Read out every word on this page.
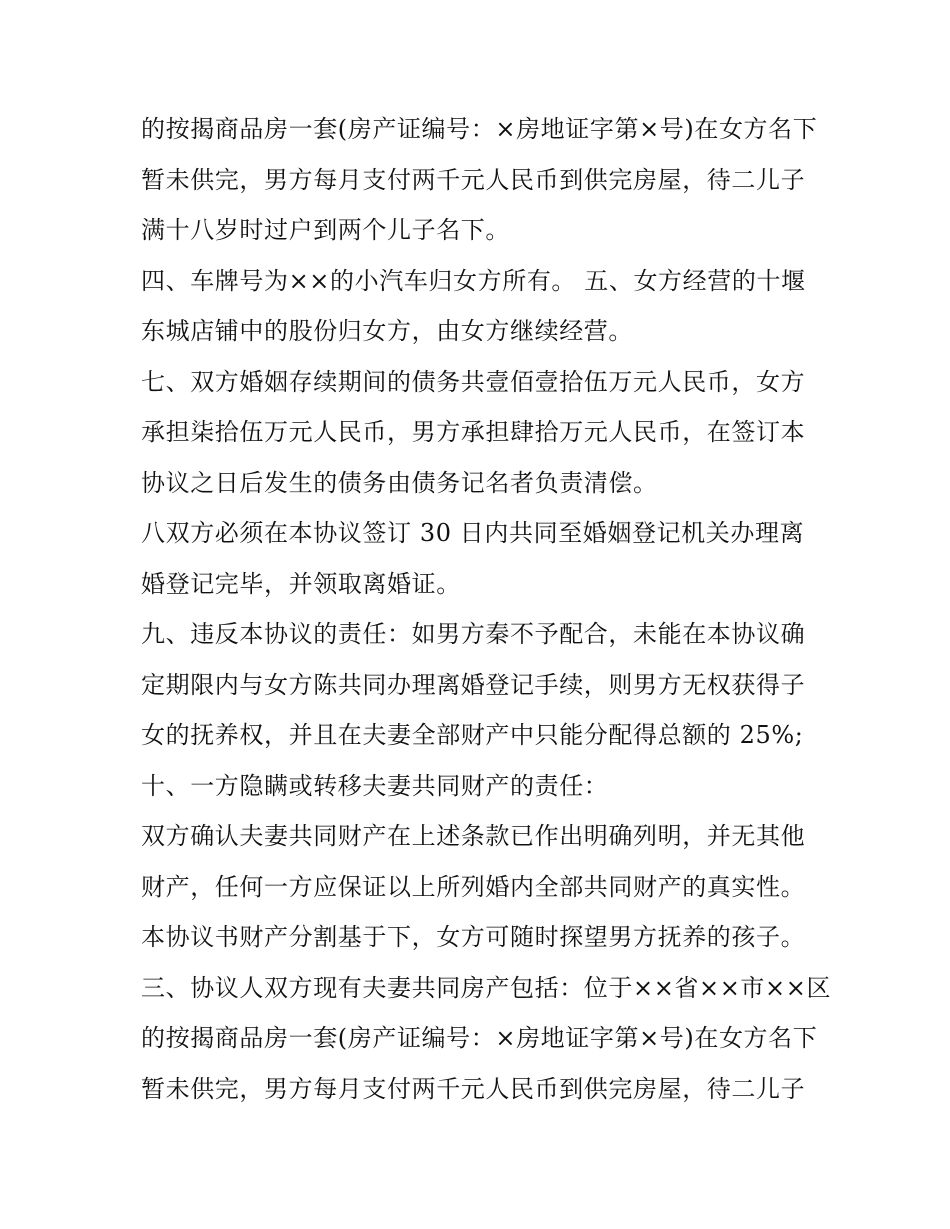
的按揭商品房一套(房产证编号：×房地证字第×号)在女方名下
暂未供完，男方每月支付两千元人民币到供完房屋，待二儿子
满十八岁时过户到两个儿子名下。
四、车牌号为××的小汽车归女方所有。 五、女方经营的十堰
东城店铺中的股份归女方，由女方继续经营。
七、双方婚姻存续期间的债务共壹佰壹拾伍万元人民币，女方
承担柒拾伍万元人民币，男方承担肆拾万元人民币，在签订本
协议之日后发生的债务由债务记名者负责清偿。
八双方必须在本协议签订 30 日内共同至婚姻登记机关办理离
婚登记完毕，并领取离婚证。
九、违反本协议的责任：如男方秦不予配合，未能在本协议确
定期限内与女方陈共同办理离婚登记手续，则男方无权获得子
女的抚养权，并且在夫妻全部财产中只能分配得总额的 25%;
十、一方隐瞒或转移夫妻共同财产的责任：
双方确认夫妻共同财产在上述条款已作出明确列明，并无其他
财产，任何一方应保证以上所列婚内全部共同财产的真实性。
本协议书财产分割基于下，女方可随时探望男方抚养的孩子。
三、协议人双方现有夫妻共同房产包括：位于××省××市××区
的按揭商品房一套(房产证编号：×房地证字第×号)在女方名下
暂未供完，男方每月支付两千元人民币到供完房屋，待二儿子
